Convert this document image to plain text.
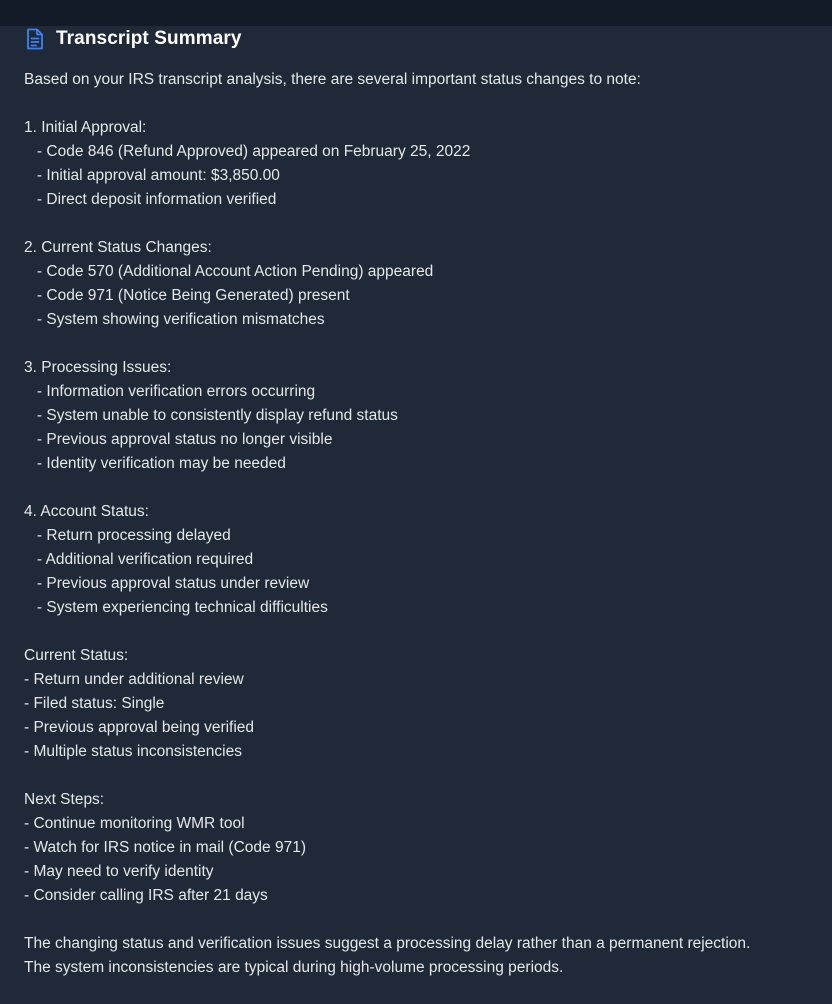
Transcript Summary
Based on your IRS transcript analysis, there are several important status changes to note:
1. Initial Approval:
- Code 846 (Refund Approved) appeared on February 25, 2022
- Initial approval amount: $3,850.00
- Direct deposit information verified
2. Current Status Changes:
- Code 570 (Additional Account Action Pending) appeared
- Code 971 (Notice Being Generated) present
- System showing verification mismatches
3. Processing Issues:
- Information verification errors occurring
- System unable to consistently display refund status
- Previous approval status no longer visible
- Identity verification may be needed
4. Account Status:
- Return processing delayed
- Additional verification required
- Previous approval status under review
- System experiencing technical difficulties
Current Status:
- Return under additional review
- Filed status: Single
- Previous approval being verified
- Multiple status inconsistencies
Next Steps:
- Continue monitoring WMR tool
- Watch for IRS notice in mail (Code 971)
- May need to verify identity
- Consider calling IRS after 21 days
The changing status and verification issues suggest a processing delay rather than a permanent rejection.
The system inconsistencies are typical during high-volume processing periods.
